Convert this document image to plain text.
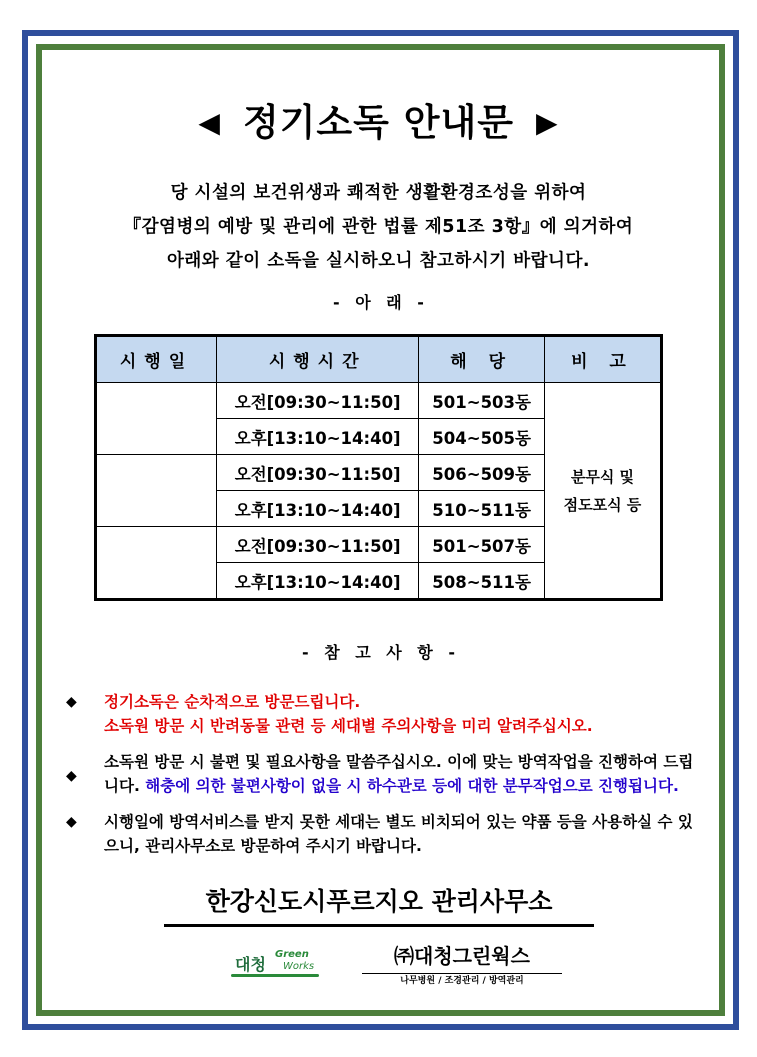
◀ 정기소독 안내문 ▶
당 시설의 보건위생과 쾌적한 생활환경조성을 위하여
『감염병의 예방 및 관리에 관한 법률 제51조 3항』에 의거하여
아래와 같이 소독을 실시하오니 참고하시기 바랍니다.
- 아 래 -
시행일	시행시간	해 당	비 고
	오전[09:30~11:50]	501~503동	분무식 및
점도포식 등

	오후[13:10~14:40]	504~505동	
	오전[09:30~11:50]	506~509동	
	오후[13:10~14:40]	510~511동	
	오전[09:30~11:50]	501~507동	
	오후[13:10~14:40]	508~511동	
- 참 고 사 항 -
◆ 정기소독은 순차적으로 방문드립니다.
소독원 방문 시 반려동물 관련 등 세대별 주의사항을 미리 알려주십시오.
◆
소독원 방문 시 불편 및 필요사항을 말씀주십시오. 이에 맞는 방역작업을 진행하여 드립니다. 해충에 의한 불편사항이 없을 시 하수관로 등에 대한 분무작업으로 진행됩니다.
◆ 시행일에 방역서비스를 받지 못한 세대는 별도 비치되어 있는 약품 등을 사용하실 수 있으니, 관리사무소로 방문하여 주시기 바랍니다.
한강신도시푸르지오 관리사무소
대청
Green
Works	㈜대청그린웍스
나무병원 / 조경관리 / 방역관리
